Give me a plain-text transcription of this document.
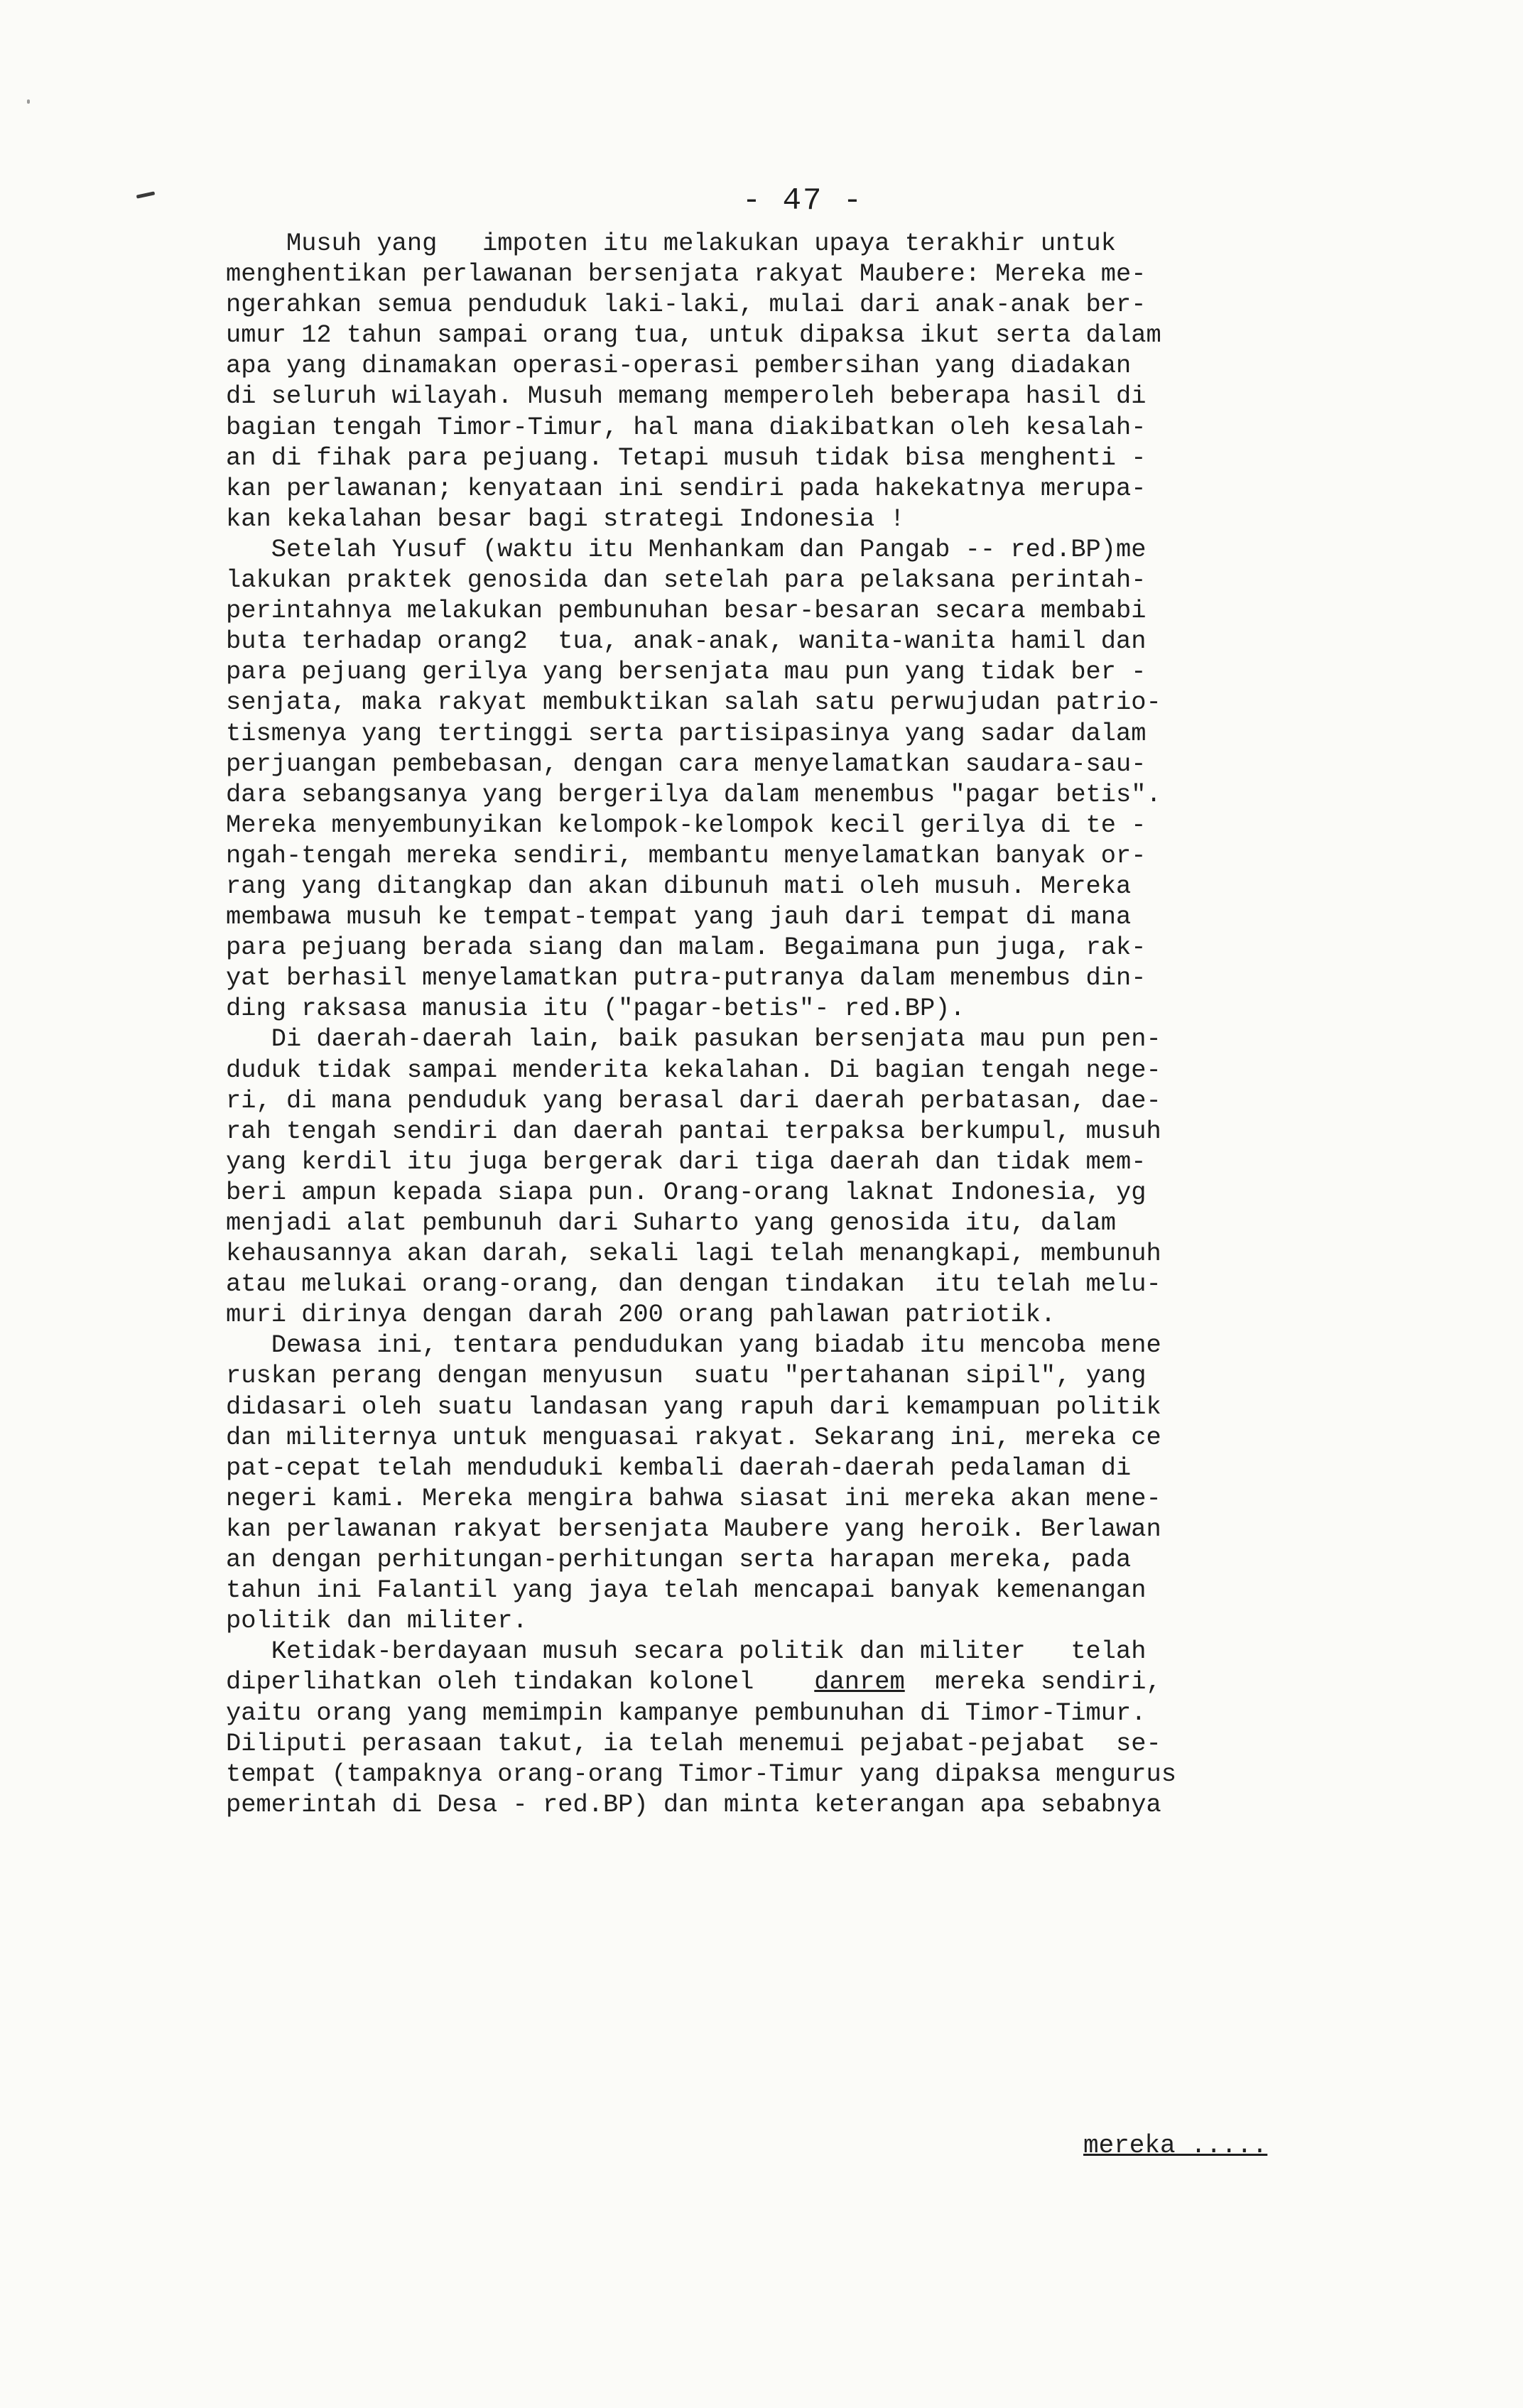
- 47 -
Musuh yang   impoten itu melakukan upaya terakhir untuk
menghentikan perlawanan bersenjata rakyat Maubere: Mereka me-
ngerahkan semua penduduk laki-laki, mulai dari anak-anak ber-
umur 12 tahun sampai orang tua, untuk dipaksa ikut serta dalam
apa yang dinamakan operasi-operasi pembersihan yang diadakan
di seluruh wilayah. Musuh memang memperoleh beberapa hasil di
bagian tengah Timor-Timur, hal mana diakibatkan oleh kesalah-
an di fihak para pejuang. Tetapi musuh tidak bisa menghenti -
kan perlawanan; kenyataan ini sendiri pada hakekatnya merupa-
kan kekalahan besar bagi strategi Indonesia !
Setelah Yusuf (waktu itu Menhankam dan Pangab -- red.BP)me
lakukan praktek genosida dan setelah para pelaksana perintah-
perintahnya melakukan pembunuhan besar-besaran secara membabi
buta terhadap orang2  tua, anak-anak, wanita-wanita hamil dan
para pejuang gerilya yang bersenjata mau pun yang tidak ber -
senjata, maka rakyat membuktikan salah satu perwujudan patrio-
tismenya yang tertinggi serta partisipasinya yang sadar dalam
perjuangan pembebasan, dengan cara menyelamatkan saudara-sau-
dara sebangsanya yang bergerilya dalam menembus "pagar betis".
Mereka menyembunyikan kelompok-kelompok kecil gerilya di te -
ngah-tengah mereka sendiri, membantu menyelamatkan banyak or-
rang yang ditangkap dan akan dibunuh mati oleh musuh. Mereka
membawa musuh ke tempat-tempat yang jauh dari tempat di mana
para pejuang berada siang dan malam. Begaimana pun juga, rak-
yat berhasil menyelamatkan putra-putranya dalam menembus din-
ding raksasa manusia itu ("pagar-betis"- red.BP).
Di daerah-daerah lain, baik pasukan bersenjata mau pun pen-
duduk tidak sampai menderita kekalahan. Di bagian tengah nege-
ri, di mana penduduk yang berasal dari daerah perbatasan, dae-
rah tengah sendiri dan daerah pantai terpaksa berkumpul, musuh
yang kerdil itu juga bergerak dari tiga daerah dan tidak mem-
beri ampun kepada siapa pun. Orang-orang laknat Indonesia, yg
menjadi alat pembunuh dari Suharto yang genosida itu, dalam
kehausannya akan darah, sekali lagi telah menangkapi, membunuh
atau melukai orang-orang, dan dengan tindakan  itu telah melu-
muri dirinya dengan darah 200 orang pahlawan patriotik.
Dewasa ini, tentara pendudukan yang biadab itu mencoba mene
ruskan perang dengan menyusun  suatu "pertahanan sipil", yang
didasari oleh suatu landasan yang rapuh dari kemampuan politik
dan militernya untuk menguasai rakyat. Sekarang ini, mereka ce
pat-cepat telah menduduki kembali daerah-daerah pedalaman di
negeri kami. Mereka mengira bahwa siasat ini mereka akan mene-
kan perlawanan rakyat bersenjata Maubere yang heroik. Berlawan
an dengan perhitungan-perhitungan serta harapan mereka, pada
tahun ini Falantil yang jaya telah mencapai banyak kemenangan
politik dan militer.
Ketidak-berdayaan musuh secara politik dan militer   telah
diperlihatkan oleh tindakan kolonel    danrem  mereka sendiri,
yaitu orang yang memimpin kampanye pembunuhan di Timor-Timur.
Diliputi perasaan takut, ia telah menemui pejabat-pejabat  se-
tempat (tampaknya orang-orang Timor-Timur yang dipaksa mengurus
pemerintah di Desa - red.BP) dan minta keterangan apa sebabnya
mereka .....
